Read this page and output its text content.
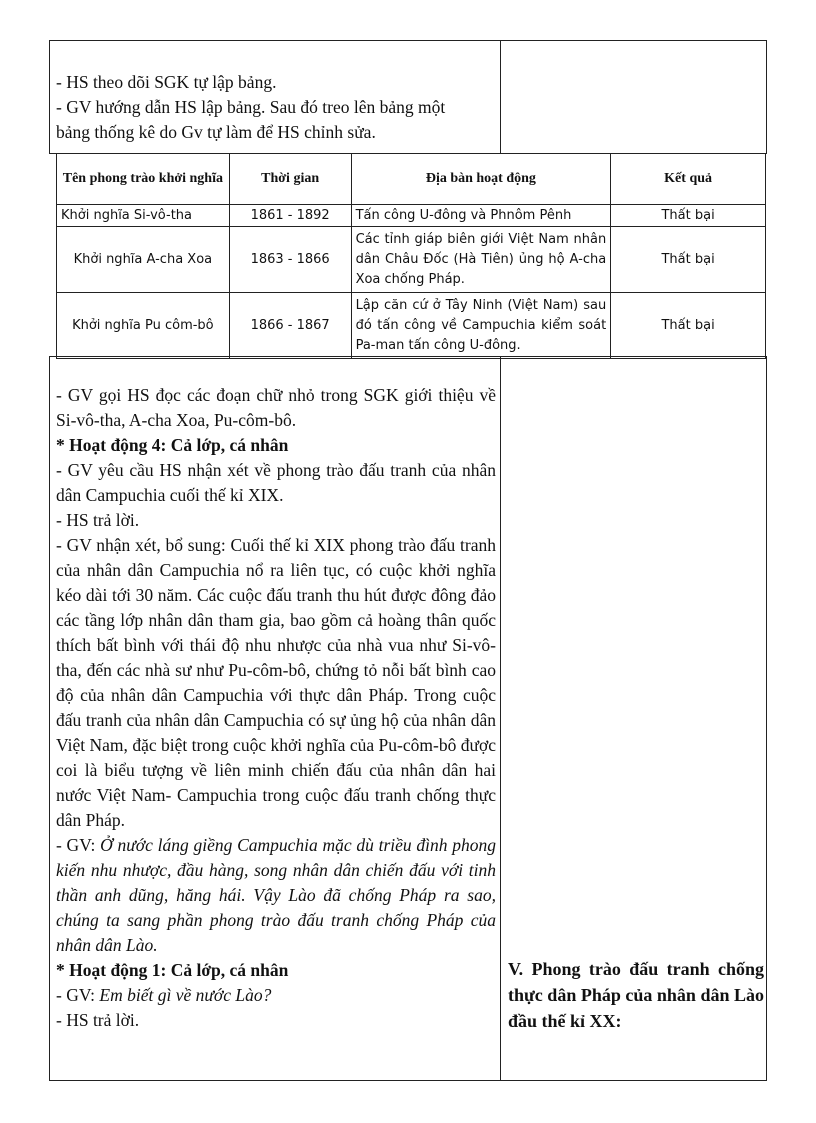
- HS theo dõi SGK tự lập bảng.

- GV hướng dẫn HS lập bảng. Sau đó treo lên bảng một

bảng thống kê do Gv tự làm để HS chỉnh sửa.

Tên phong trào khởi nghĩa	Thời gian	Địa bàn hoạt động	Kết quả
Khởi nghĩa Si-vô-tha	1861 - 1892	Tấn công U-đông và Phnôm Pênh	Thất bại
Khởi nghĩa A-cha Xoa	1863 - 1866	Các tỉnh giáp biên giới Việt Nam nhân dân Châu Đốc (Hà Tiên) ủng hộ A-cha Xoa chống Pháp.	Thất bại
Khởi nghĩa Pu côm-bô	1866 - 1867	Lập căn cứ ở Tây Ninh (Việt Nam) sau đó tấn công về Campuchia kiểm soát Pa-man tấn công U-đông.	Thất bại

- GV gọi HS đọc các đoạn chữ nhỏ trong SGK giới thiệu về Si-vô-tha, A-cha Xoa, Pu-côm-bô.

* Hoạt động 4: Cả lớp, cá nhân

- GV yêu cầu HS nhận xét về phong trào đấu tranh của nhân dân Campuchia cuối thế kỉ XIX.

- HS trả lời.

- GV nhận xét, bổ sung: Cuối thế kỉ XIX phong trào đấu tranh của nhân dân Campuchia nổ ra liên tục, có cuộc khởi nghĩa kéo dài tới 30 năm. Các cuộc đấu tranh thu hút được đông đảo các tầng lớp nhân dân tham gia, bao gồm cả hoàng thân quốc thích bất bình với thái độ nhu nhược của nhà vua như Si-vô-tha, đến các nhà sư như Pu-côm-bô, chứng tỏ nỗi bất bình cao độ của nhân dân Campuchia với thực dân Pháp. Trong cuộc đấu tranh của nhân dân Campuchia có sự ủng hộ của nhân dân Việt Nam, đặc biệt trong cuộc khởi nghĩa của Pu-côm-bô được coi là biểu tượng về liên minh chiến đấu của nhân dân hai nước Việt Nam- Campuchia trong cuộc đấu tranh chống thực dân Pháp.

- GV: Ở nước láng giềng Campuchia mặc dù triều đình phong kiến nhu nhược, đầu hàng, song nhân dân chiến đấu với tinh thần anh dũng, hăng hái. Vậy Lào đã chống Pháp ra sao, chúng ta sang phần phong trào đấu tranh chống Pháp của nhân dân Lào.

* Hoạt động 1: Cả lớp, cá nhân

- GV: Em biết gì về nước Lào?

- HS trả lời.

V. Phong trào đấu tranh chống thực dân Pháp của nhân dân Lào đầu thế kỉ XX:
